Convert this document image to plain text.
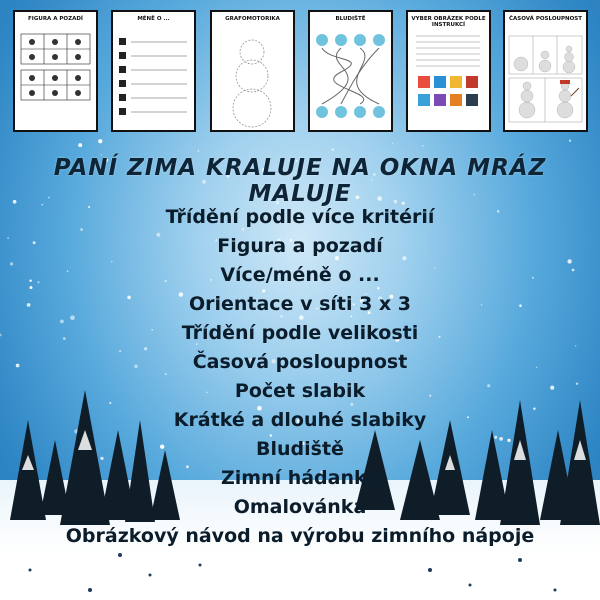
FIGURA A POZADÍ	MÉNĚ O ...	GRAFOMOTORIKA	BLUDIŠTĚ	VYBER OBRÁZEK PODLE INSTRUKCÍ
ČASOVÁ POSLOUPNOST
PANÍ ZIMA KRALUJE NA OKNA MRÁZ MALUJE
Třídění podle více kritérií
Figura a pozadí
Více/méně o ...
Orientace v síti 3 x 3
Třídění podle velikosti
Časová posloupnost
Počet slabik
Krátké a dlouhé slabiky
Bludiště
Zimní hádanky
Omalovánka
Obrázkový návod na výrobu zimního nápoje
